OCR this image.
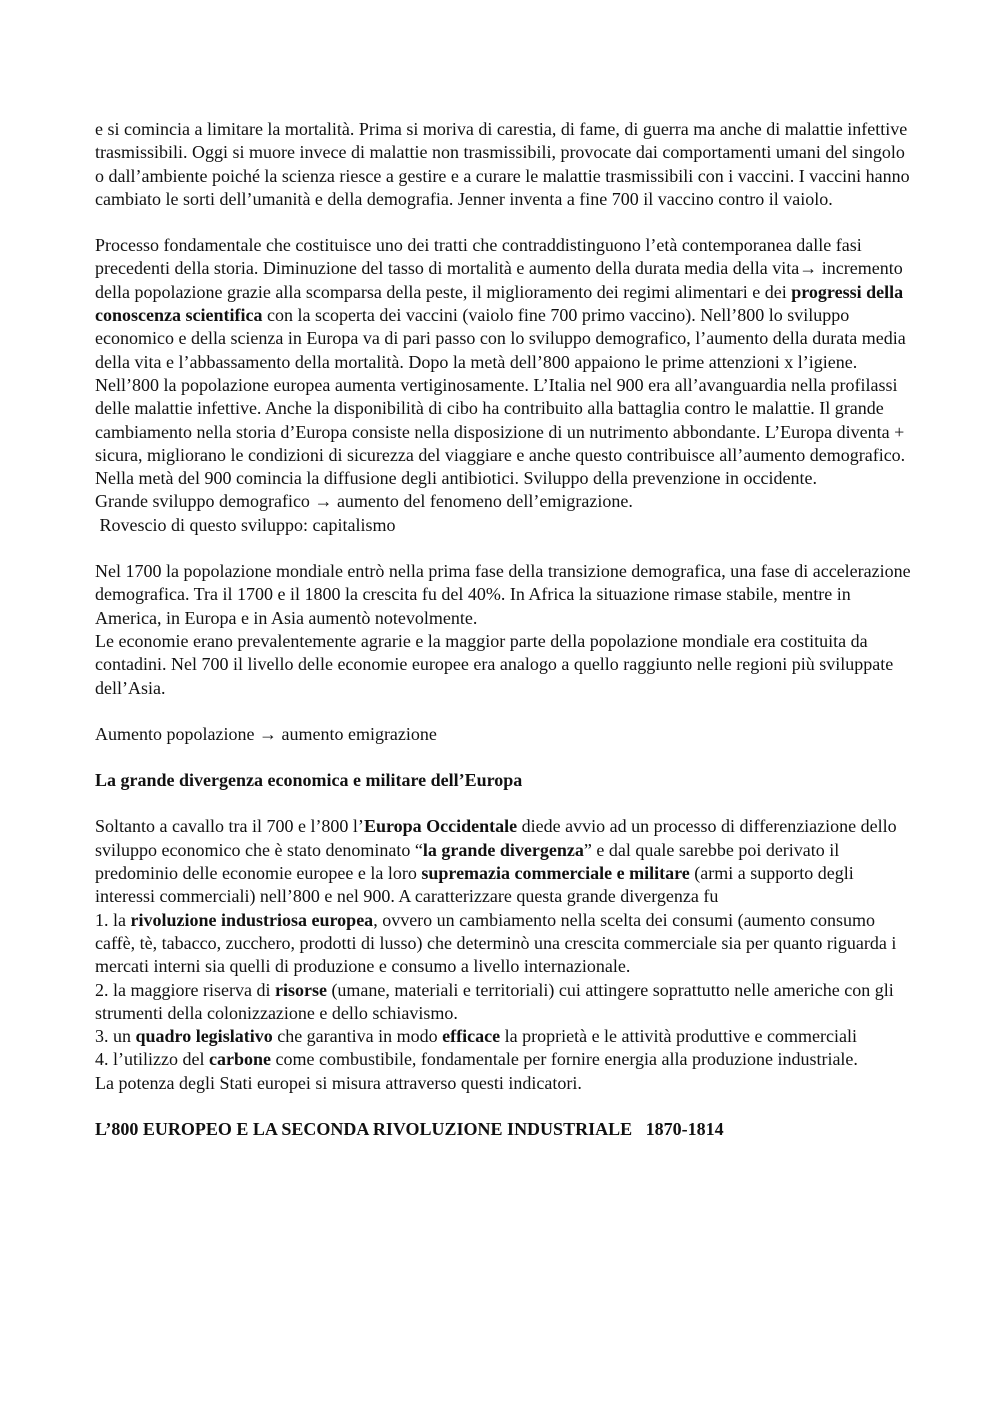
e si comincia a limitare la mortalità. Prima si moriva di carestia, di fame, di guerra ma anche di malattie infettive trasmissibili. Oggi si muore invece di malattie non trasmissibili, provocate dai comportamenti umani del singolo o dall’ambiente poiché la scienza riesce a gestire e a curare le malattie trasmissibili con i vaccini. I vaccini hanno cambiato le sorti dell’umanità e della demografia. Jenner inventa a fine 700 il vaccino contro il vaiolo.

Processo fondamentale che costituisce uno dei tratti che contraddistinguono l’età contemporanea dalle fasi precedenti della storia. Diminuzione del tasso di mortalità e aumento della durata media della vita→ incremento della popolazione grazie alla scomparsa della peste, il miglioramento dei regimi alimentari e dei progressi della conoscenza scientifica con la scoperta dei vaccini (vaiolo fine 700 primo vaccino). Nell’800 lo sviluppo economico e della scienza in Europa va di pari passo con lo sviluppo demografico, l’aumento della durata media della vita e l’abbassamento della mortalità. Dopo la metà dell’800 appaiono le prime attenzioni x l’igiene. Nell’800 la popolazione europea aumenta vertiginosamente. L’Italia nel 900 era all’avanguardia nella profilassi delle malattie infettive. Anche la disponibilità di cibo ha contribuito alla battaglia contro le malattie. Il grande cambiamento nella storia d’Europa consiste nella disposizione di un nutrimento abbondante. L’Europa diventa + sicura, migliorano le condizioni di sicurezza del viaggiare e anche questo contribuisce all’aumento demografico.

Nella metà del 900 comincia la diffusione degli antibiotici. Sviluppo della prevenzione in occidente.

Grande sviluppo demografico → aumento del fenomeno dell’emigrazione.

Rovescio di questo sviluppo: capitalismo

Nel 1700 la popolazione mondiale entrò nella prima fase della transizione demografica, una fase di accelerazione demografica. Tra il 1700 e il 1800 la crescita fu del 40%. In Africa la situazione rimase stabile, mentre in America, in Europa e in Asia aumentò notevolmente.

Le economie erano prevalentemente agrarie e la maggior parte della popolazione mondiale era costituita da contadini. Nel 700 il livello delle economie europee era analogo a quello raggiunto nelle regioni più sviluppate dell’Asia.

Aumento popolazione → aumento emigrazione

La grande divergenza economica e militare dell’Europa

Soltanto a cavallo tra il 700 e l’800 l’Europa Occidentale diede avvio ad un processo di differenziazione dello sviluppo economico che è stato denominato “la grande divergenza” e dal quale sarebbe poi derivato il predominio delle economie europee e la loro supremazia commerciale e militare (armi a supporto degli interessi commerciali) nell’800 e nel 900. A caratterizzare questa grande divergenza fu

1. la rivoluzione industriosa europea, ovvero un cambiamento nella scelta dei consumi (aumento consumo caffè, tè, tabacco, zucchero, prodotti di lusso) che determinò una crescita commerciale sia per quanto riguarda i mercati interni sia quelli di produzione e consumo a livello internazionale.

2. la maggiore riserva di risorse (umane, materiali e territoriali) cui attingere soprattutto nelle americhe con gli strumenti della colonizzazione e dello schiavismo.

3. un quadro legislativo che garantiva in modo efficace la proprietà e le attività produttive e commerciali

4. l’utilizzo del carbone come combustibile, fondamentale per fornire energia alla produzione industriale.

La potenza degli Stati europei si misura attraverso questi indicatori.

L’800 EUROPEO E LA SECONDA RIVOLUZIONE INDUSTRIALE   1870-1814
